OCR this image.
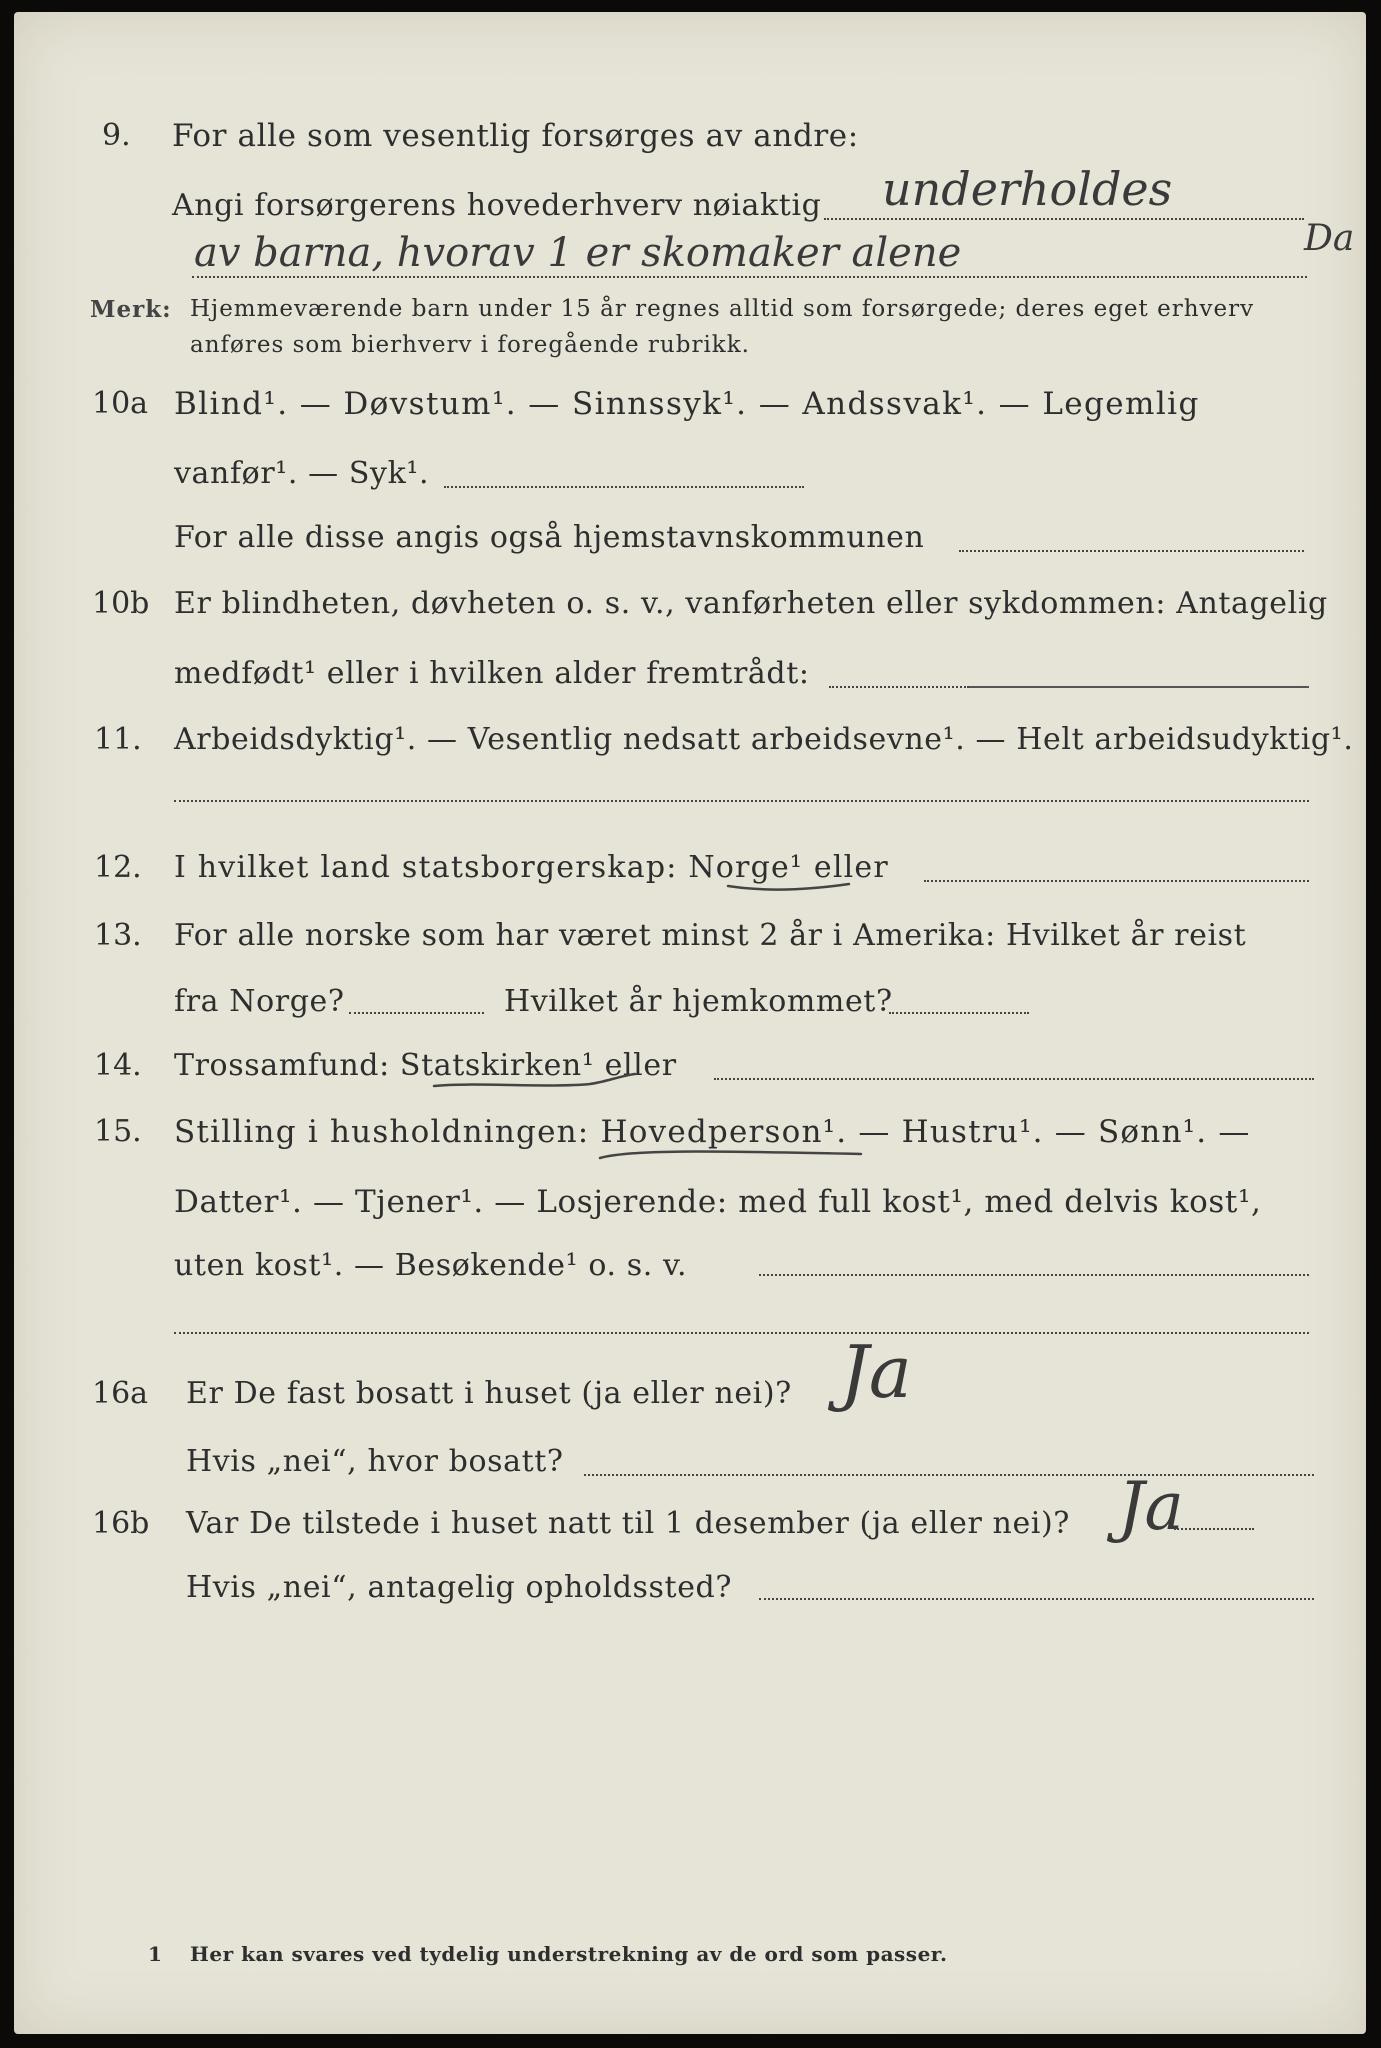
9. For alle som vesentlig forsørges av andre:
Angi forsørgerens hovederhverv nøiaktig underholdes
av barna, hvorav 1 er skomaker alene	Da
Merk: Hjemmeværende barn under 15 år regnes alltid som forsørgede; deres eget erhverv
anføres som bierhverv i foregående rubrikk.
10a Blind¹. — Døvstum¹. — Sinnssyk¹. — Andssvak¹. — Legemlig
vanfør¹. — Syk¹.
For alle disse angis også hjemstavnskommunen
10b Er blindheten, døvheten o. s. v., vanførheten eller sykdommen: Antagelig
medfødt¹ eller i hvilken alder fremtrådt:
11. Arbeidsdyktig¹. — Vesentlig nedsatt arbeidsevne¹. — Helt arbeidsudyktig¹.
12. I hvilket land statsborgerskap: Norge¹ eller
13. For alle norske som har været minst 2 år i Amerika: Hvilket år reist
fra Norge?	Hvilket år hjemkommet?
14. Trossamfund: Statskirken¹ eller
15. Stilling i husholdningen: Hovedperson¹. — Hustru¹. — Sønn¹. —
Datter¹. — Tjener¹. — Losjerende: med full kost¹, med delvis kost¹,
uten kost¹. — Besøkende¹ o. s. v.
16a Er De fast bosatt i huset (ja eller nei)? Ja
Hvis „nei“, hvor bosatt?
16b Var De tilstede i huset natt til 1 desember (ja eller nei)? Ja
Hvis „nei“, antagelig opholdssted?
1 Her kan svares ved tydelig understrekning av de ord som passer.
